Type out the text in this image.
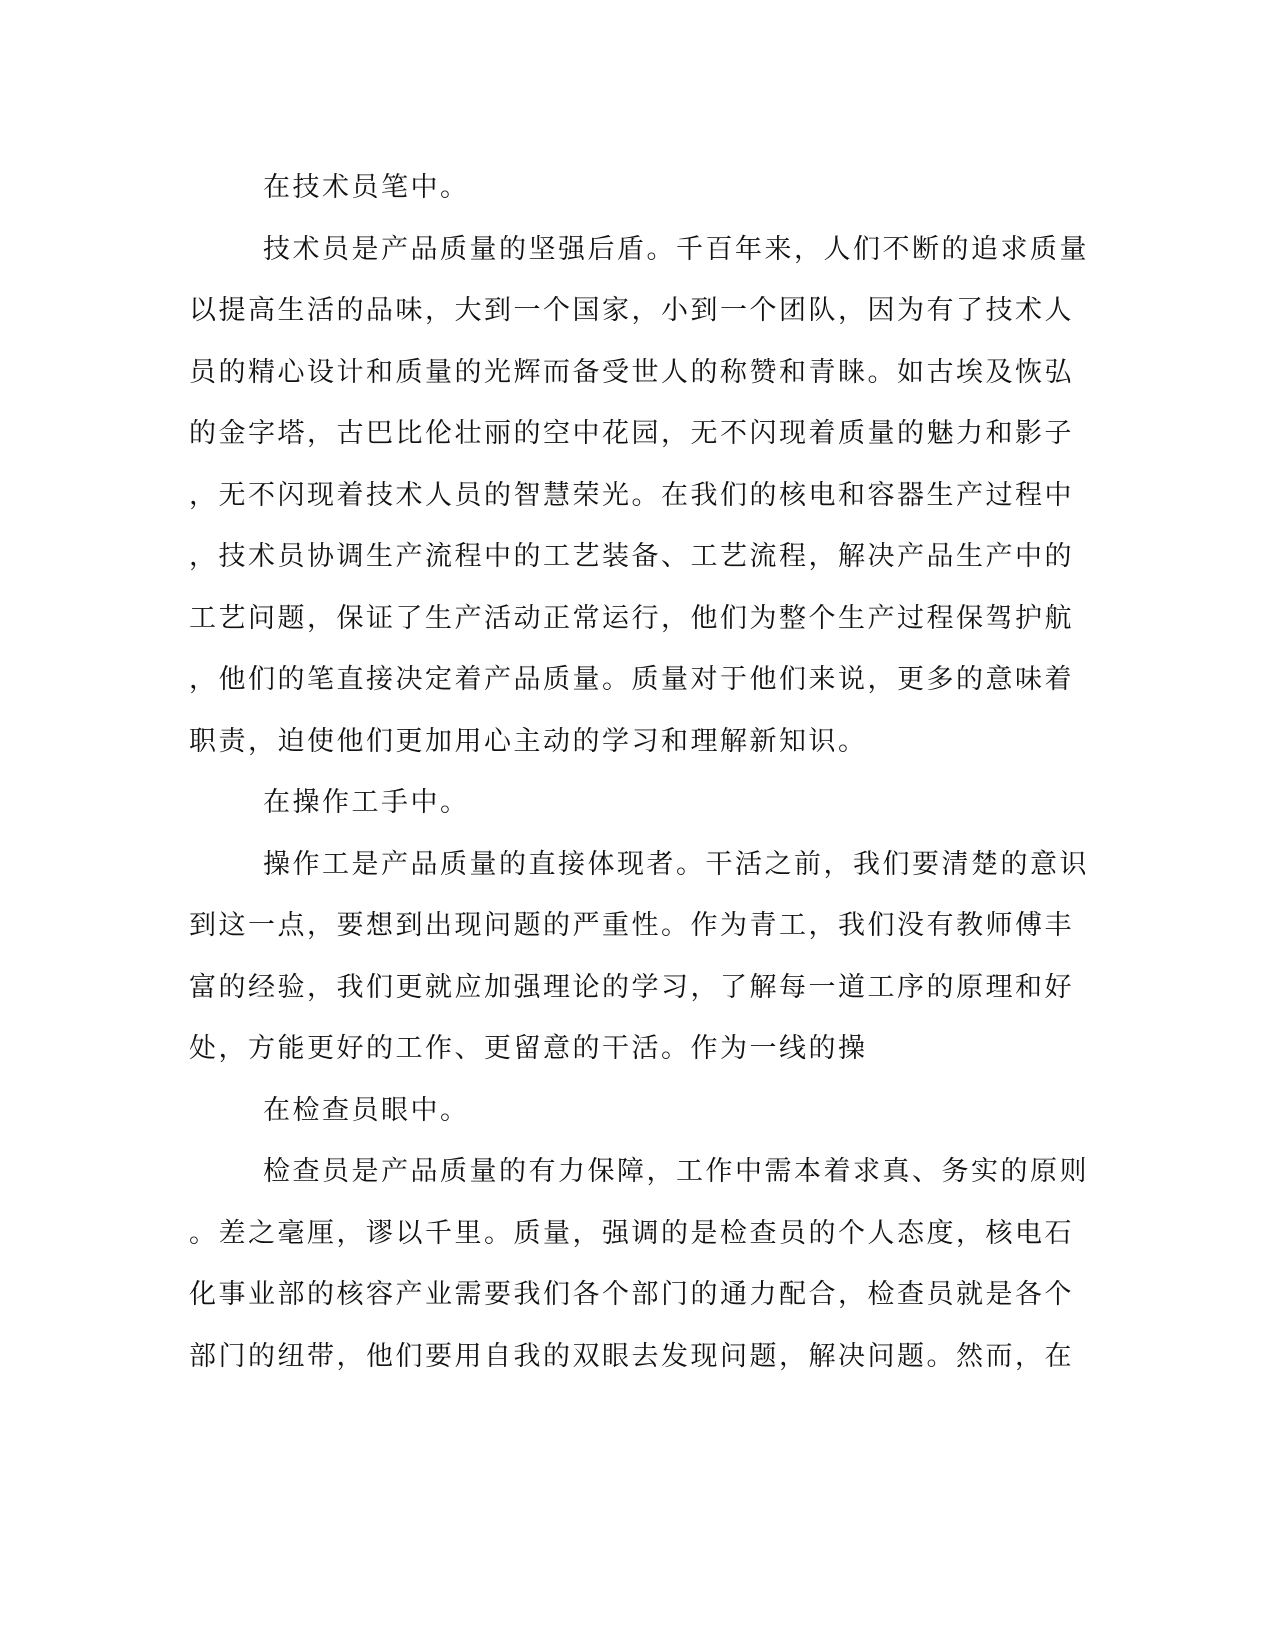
在技术员笔中。
技术员是产品质量的坚强后盾。千百年来，人们不断的追求质量
以提高生活的品味，大到一个国家，小到一个团队，因为有了技术人
员的精心设计和质量的光辉而备受世人的称赞和青睐。如古埃及恢弘
的金字塔，古巴比伦壮丽的空中花园，无不闪现着质量的魅力和影子
，无不闪现着技术人员的智慧荣光。在我们的核电和容器生产过程中
，技术员协调生产流程中的工艺装备、工艺流程，解决产品生产中的
工艺问题，保证了生产活动正常运行，他们为整个生产过程保驾护航
，他们的笔直接决定着产品质量。质量对于他们来说，更多的意味着
职责，迫使他们更加用心主动的学习和理解新知识。
在操作工手中。
操作工是产品质量的直接体现者。干活之前，我们要清楚的意识
到这一点，要想到出现问题的严重性。作为青工，我们没有教师傅丰
富的经验，我们更就应加强理论的学习，了解每一道工序的原理和好
处，方能更好的工作、更留意的干活。作为一线的操
在检查员眼中。
检查员是产品质量的有力保障，工作中需本着求真、务实的原则
。差之毫厘，谬以千里。质量，强调的是检查员的个人态度，核电石
化事业部的核容产业需要我们各个部门的通力配合，检查员就是各个
部门的纽带，他们要用自我的双眼去发现问题，解决问题。然而，在
